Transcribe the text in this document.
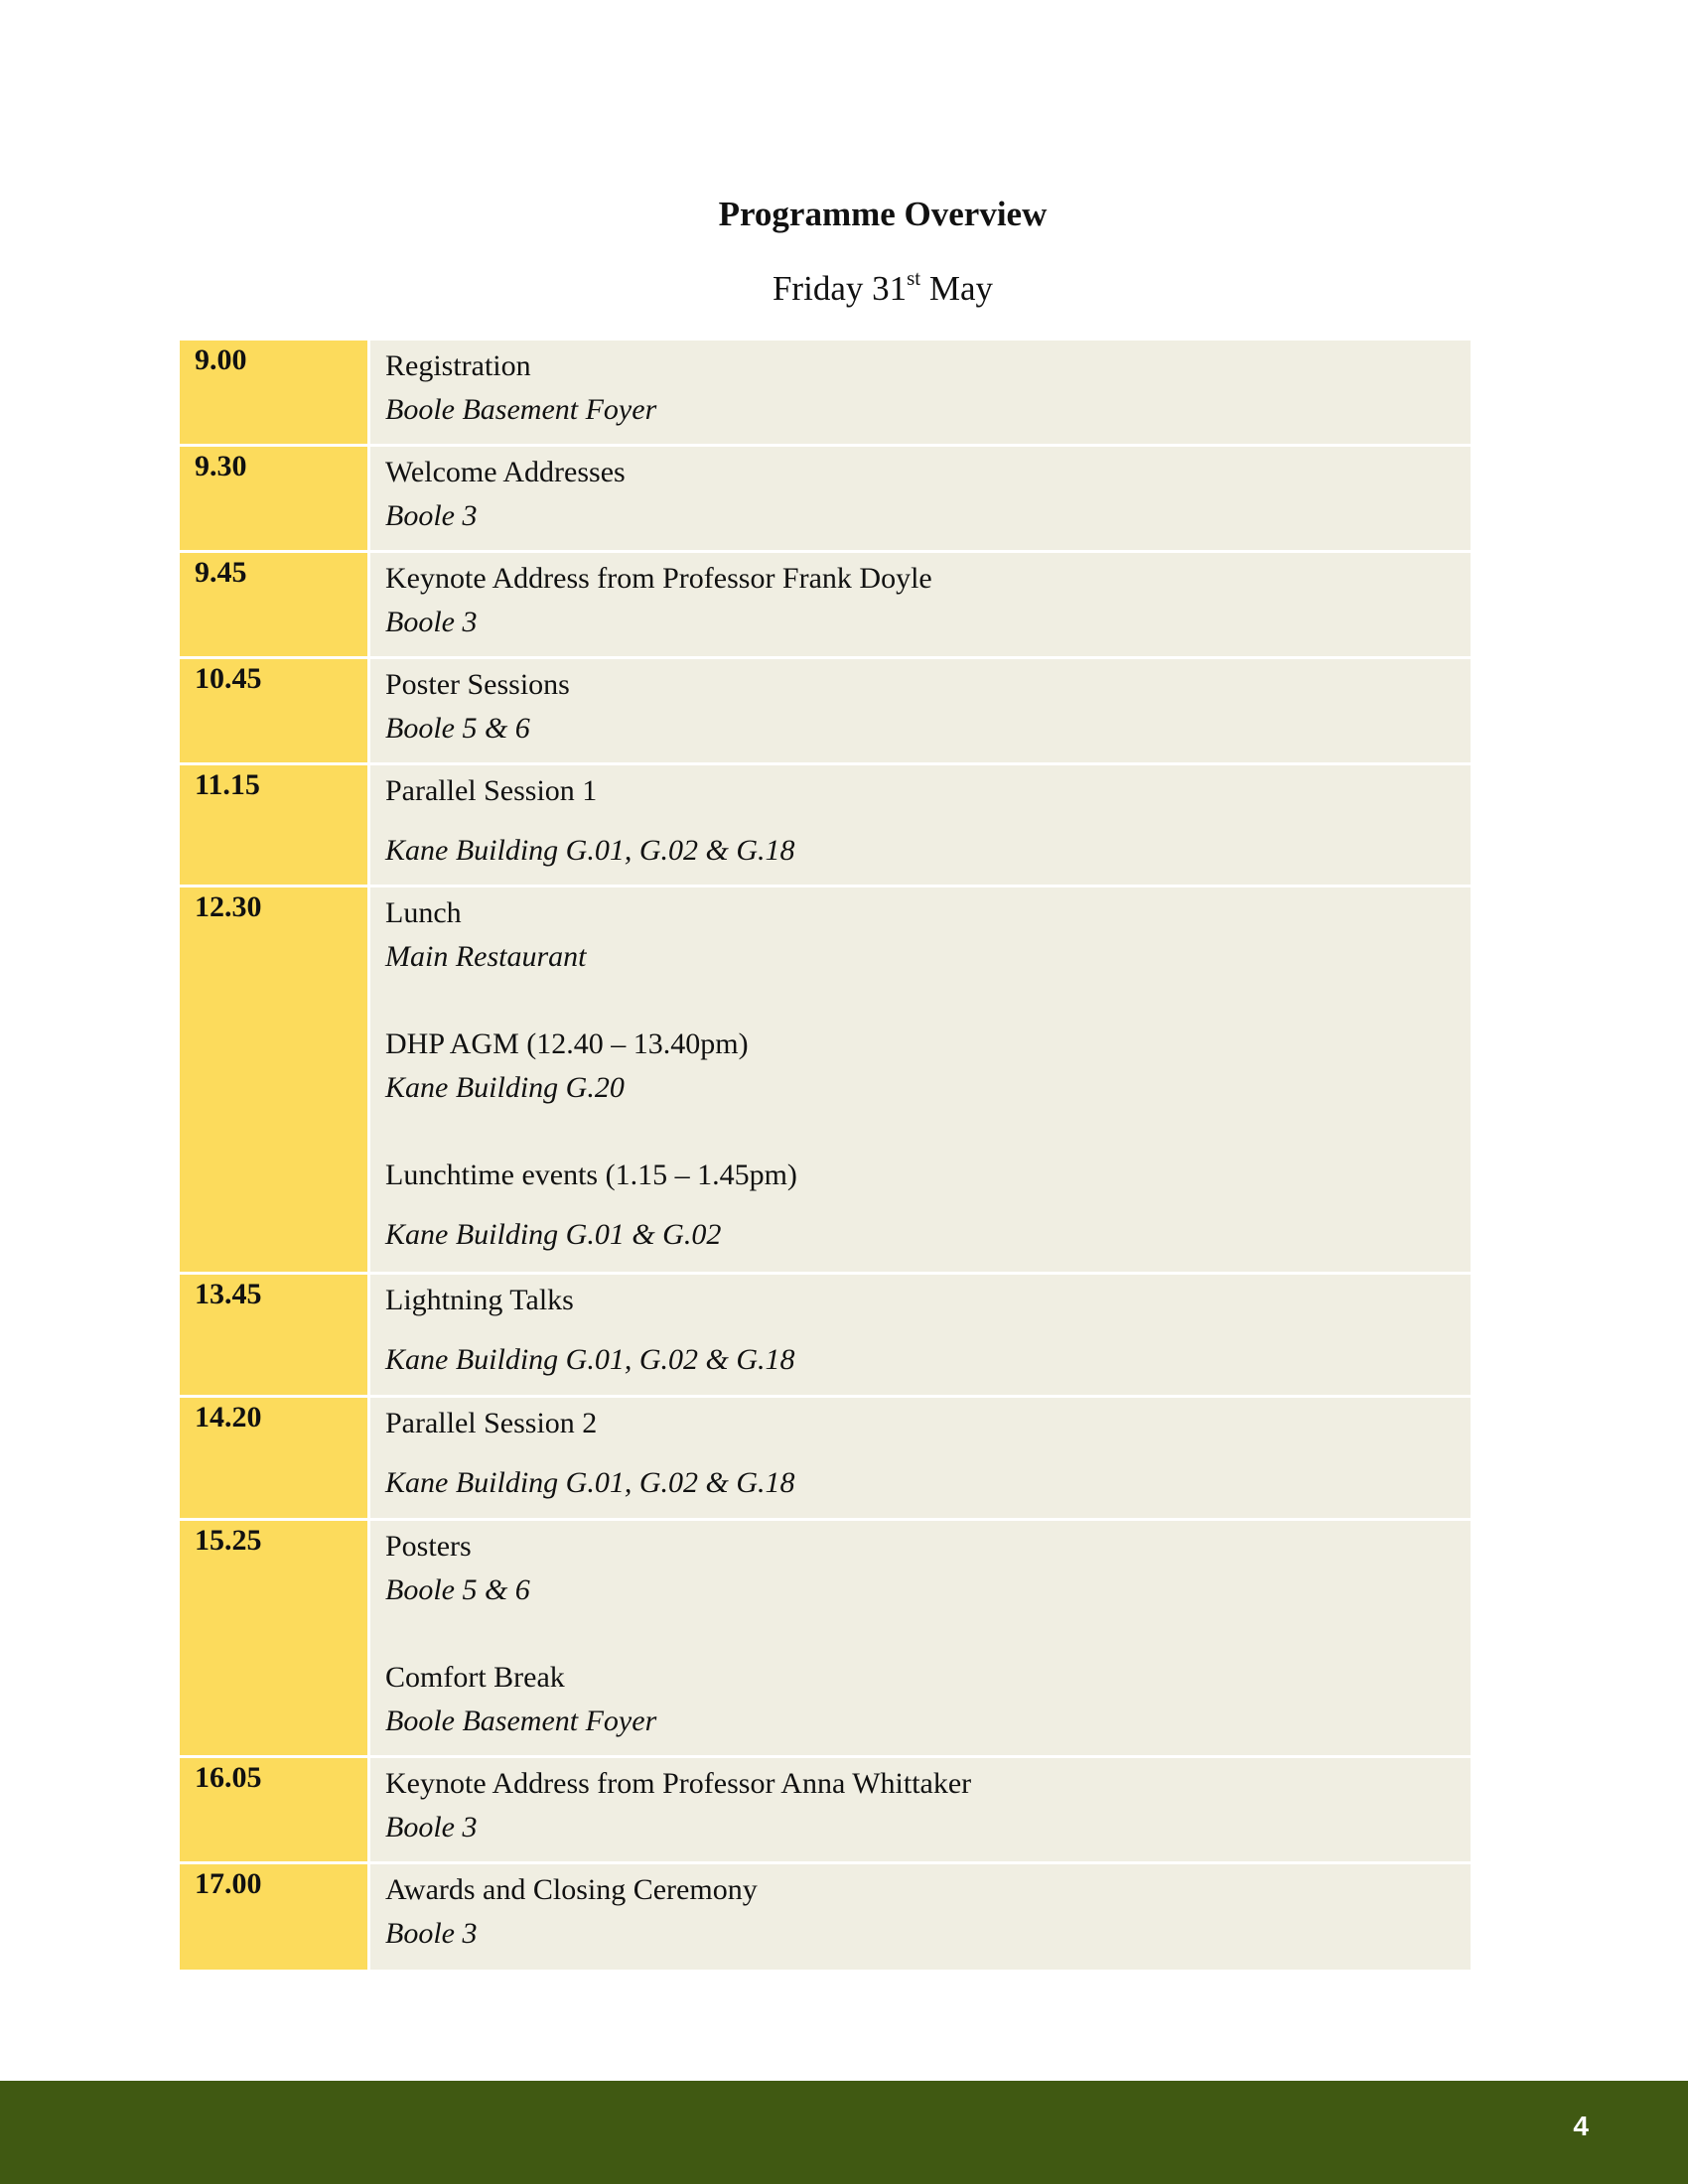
Programme Overview
Friday 31st May
9.00	Registration
Boole Basement Foyer
9.30	Welcome Addresses
Boole 3
9.45	Keynote Address from Professor Frank Doyle
Boole 3
10.45	Poster Sessions
Boole 5 & 6
11.15	Parallel Session 1
Kane Building G.01, G.02 & G.18
12.30	Lunch
Main Restaurant
DHP AGM (12.40 – 13.40pm)
Kane Building G.20
Lunchtime events (1.15 – 1.45pm)
Kane Building G.01 & G.02
13.45	Lightning Talks
Kane Building G.01, G.02 & G.18
14.20	Parallel Session 2
Kane Building G.01, G.02 & G.18
15.25	Posters
Boole 5 & 6
Comfort Break
Boole Basement Foyer
16.05	Keynote Address from Professor Anna Whittaker
Boole 3
17.00	Awards and Closing Ceremony
Boole 3
4
